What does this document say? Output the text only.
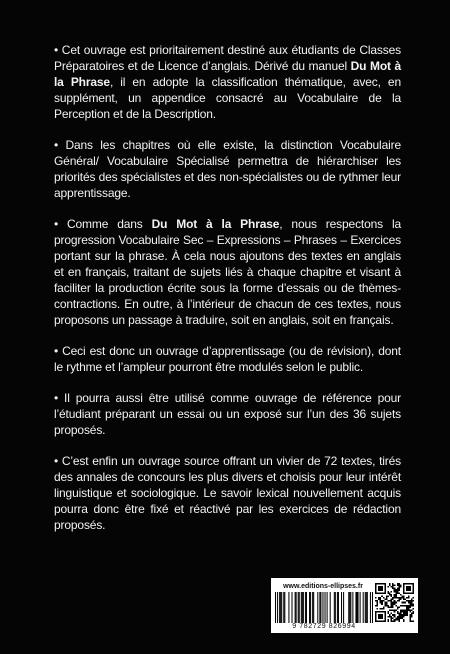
• Cet ouvrage est prioritairement destiné aux étudiants de Classes Préparatoires et de Licence d’anglais. Dérivé du manuel Du Mot à la Phrase, il en adopte la classification thématique, avec, en supplément, un appendice consacré au Vocabulaire de la Perception et de la Description.

• Dans les chapitres où elle existe, la distinction Vocabulaire Général/ Vocabulaire Spécialisé permettra de hiérarchiser les priorités des spécialistes et des non-spécialistes ou de rythmer leur apprentissage.

• Comme dans Du Mot à la Phrase, nous respectons la progression Vocabulaire Sec – Expressions – Phrases – Exercices portant sur la phrase. À cela nous ajoutons des textes en anglais et en français, traitant de sujets liés à chaque chapitre et visant à faciliter la production écrite sous la forme d’essais ou de thèmes-contractions. En outre, à l’intérieur de chacun de ces textes, nous proposons un passage à traduire, soit en anglais, soit en français.

• Ceci est donc un ouvrage d’apprentissage (ou de révision), dont le rythme et l’ampleur pourront être modulés selon le public.

• Il pourra aussi être utilisé comme ouvrage de référence pour l’étudiant préparant un essai ou un exposé sur l’un des 36 sujets proposés.

• C’est enfin un ouvrage source offrant un vivier de 72 textes, tirés des annales de concours les plus divers et choisis pour leur intérêt linguistique et sociologique. Le savoir lexical nouvellement acquis pourra donc être fixé et réactivé par les exercices de rédaction proposés.

www.editions-ellipses.fr
9 782729 826994
